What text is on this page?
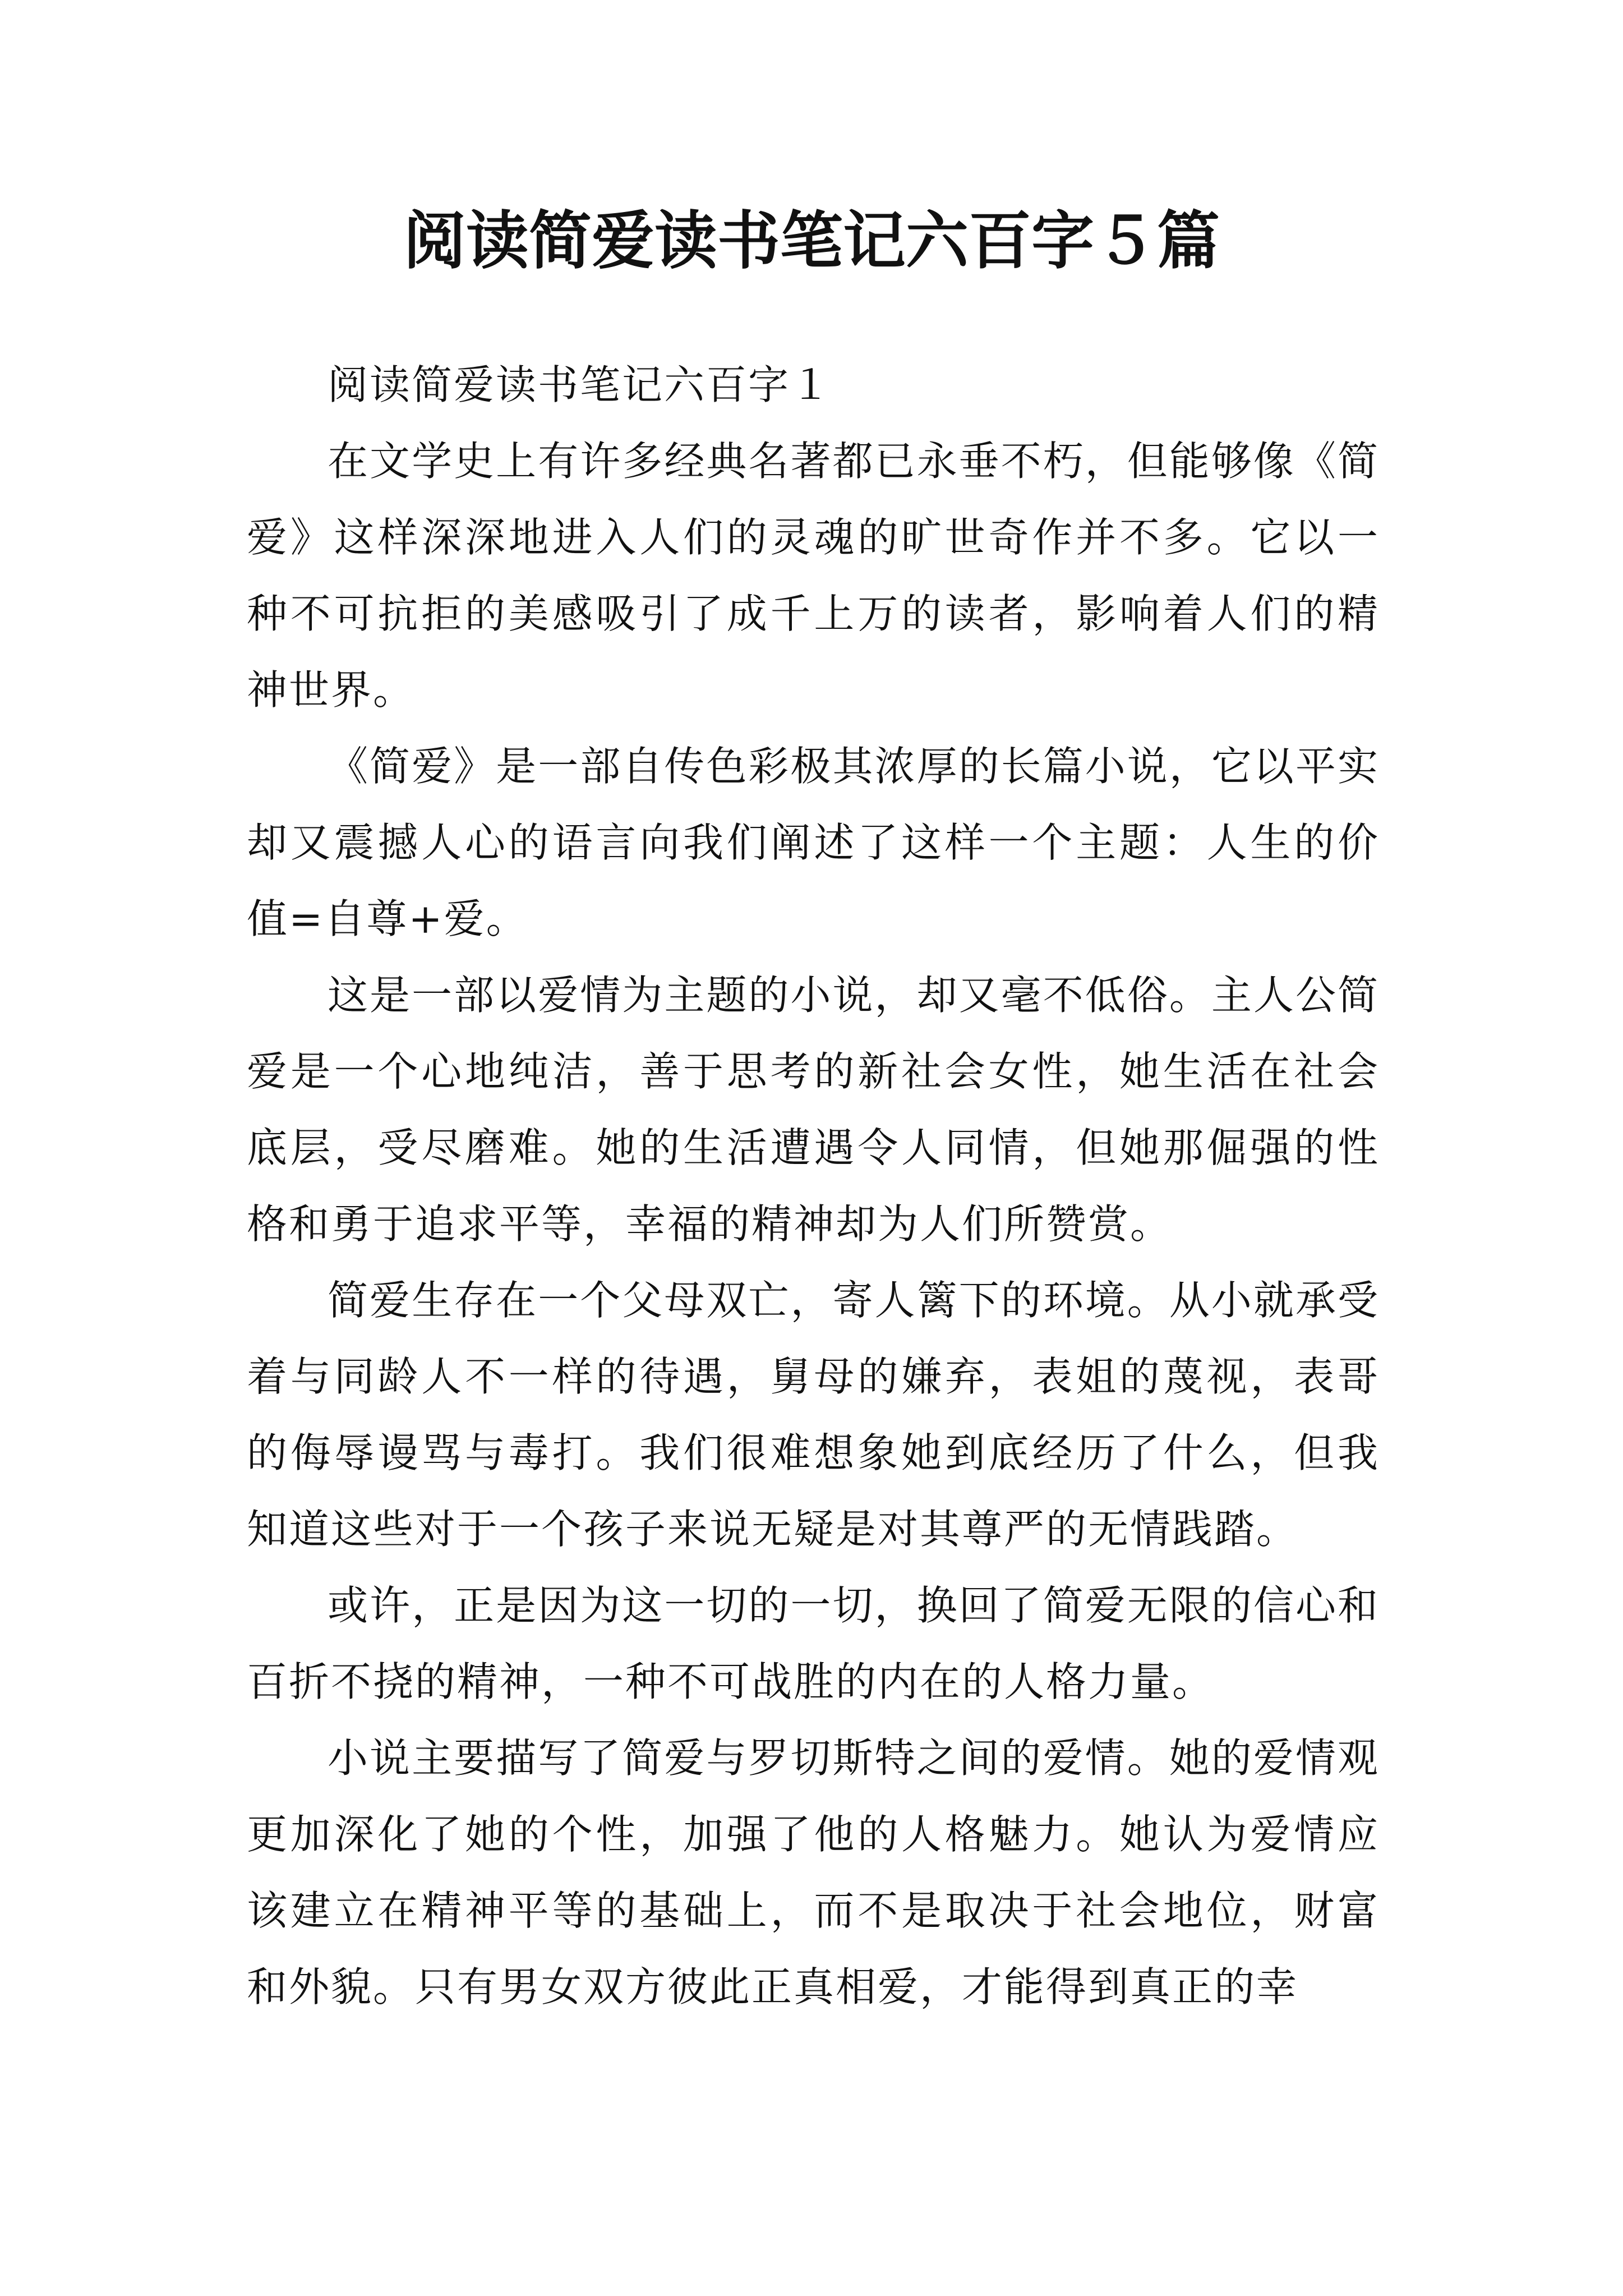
阅读简爱读书笔记六百字５篇

阅读简爱读书笔记六百字１

在文学史上有许多经典名著都已永垂不朽，但能够像《简爱》这样深深地进入人们的灵魂的旷世奇作并不多。它以一种不可抗拒的美感吸引了成千上万的读者，影响着人们的精神世界。

《简爱》是一部自传色彩极其浓厚的长篇小说，它以平实却又震撼人心的语言向我们阐述了这样一个主题：人生的价值=自尊+爱。

这是一部以爱情为主题的小说，却又毫不低俗。主人公简爱是一个心地纯洁，善于思考的新社会女性，她生活在社会底层，受尽磨难。她的生活遭遇令人同情，但她那倔强的性格和勇于追求平等，幸福的精神却为人们所赞赏。

简爱生存在一个父母双亡，寄人篱下的环境。从小就承受着与同龄人不一样的待遇，舅母的嫌弃，表姐的蔑视，表哥的侮辱谩骂与毒打。我们很难想象她到底经历了什么，但我知道这些对于一个孩子来说无疑是对其尊严的无情践踏。

或许，正是因为这一切的一切，换回了简爱无限的信心和百折不挠的精神，一种不可战胜的内在的人格力量。

小说主要描写了简爱与罗切斯特之间的爱情。她的爱情观更加深化了她的个性，加强了他的人格魅力。她认为爱情应该建立在精神平等的基础上，而不是取决于社会地位，财富和外貌。只有男女双方彼此正真相爱，才能得到真正的幸
